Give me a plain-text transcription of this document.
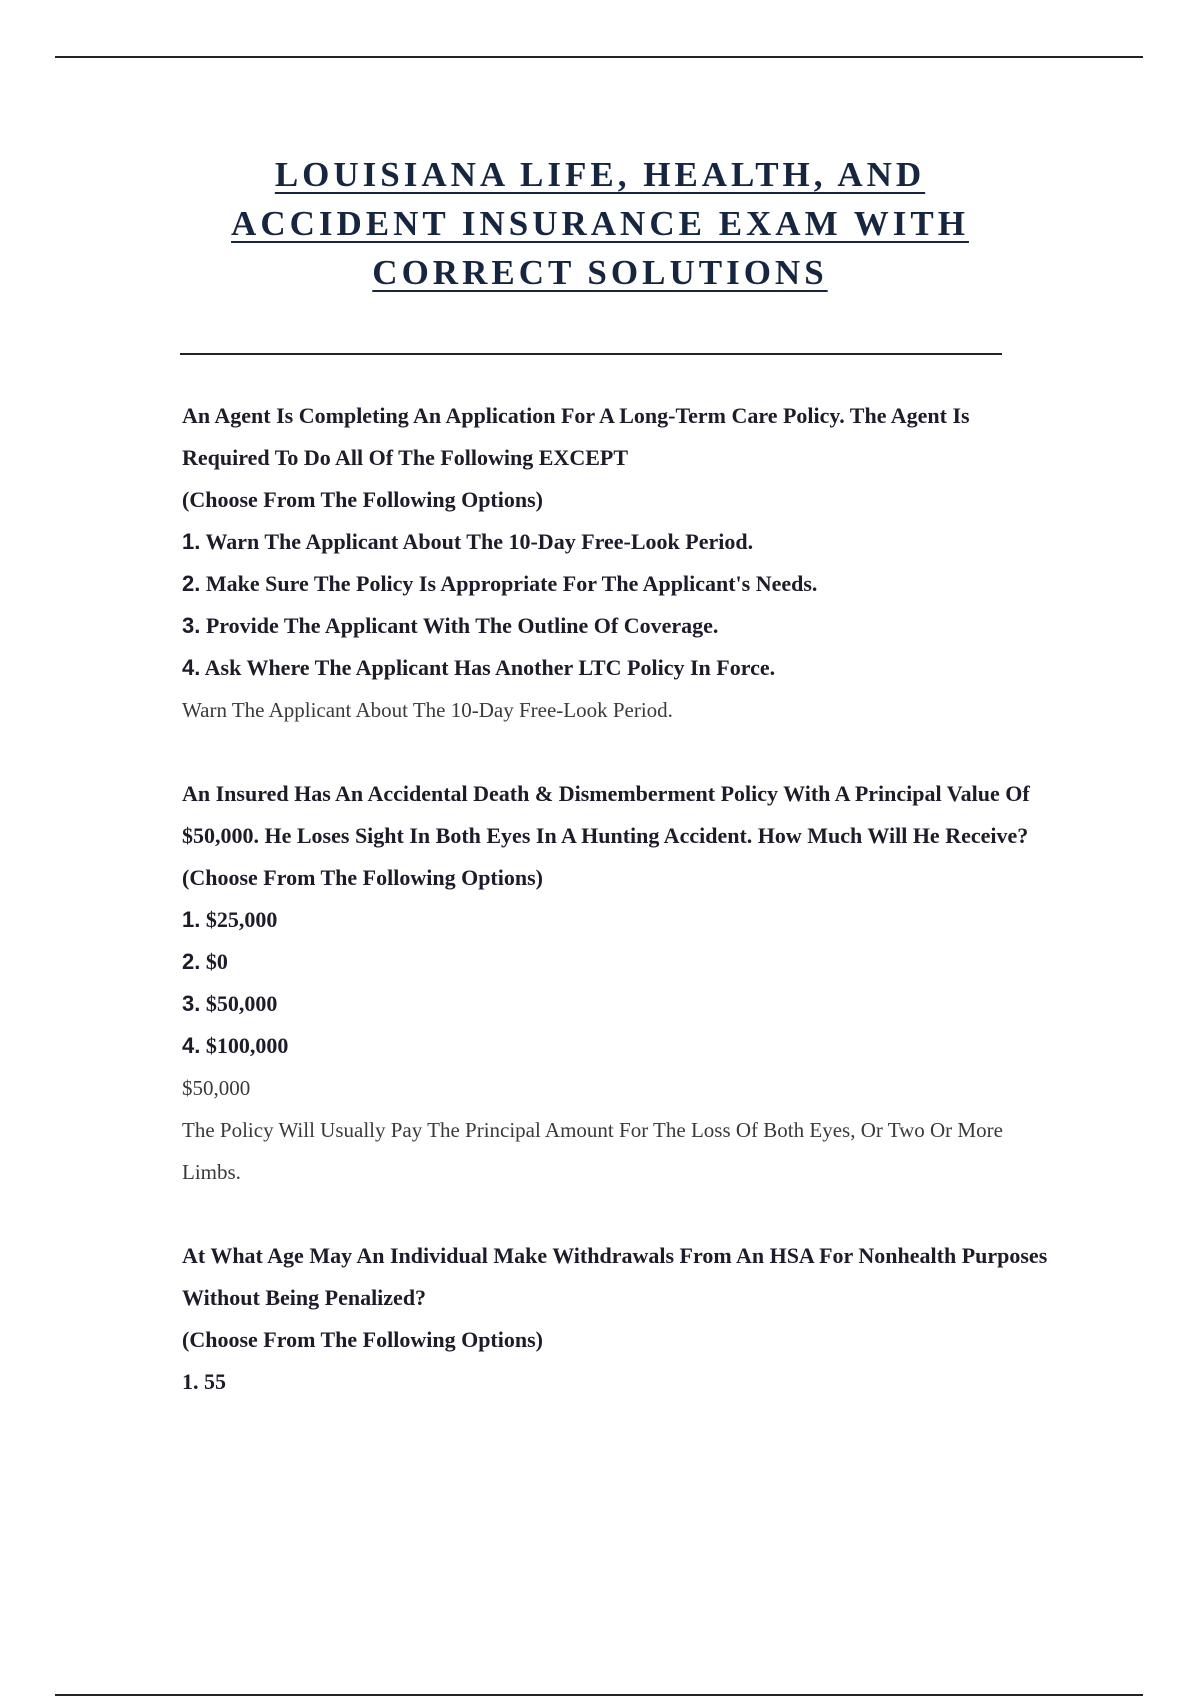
LOUISIANA LIFE, HEALTH, AND
ACCIDENT INSURANCE EXAM WITH
CORRECT SOLUTIONS

An Agent Is Completing An Application For A Long-Term Care Policy. The Agent Is Required To Do All Of The Following EXCEPT

(Choose From The Following Options)

1. Warn The Applicant About The 10-Day Free-Look Period.

2. Make Sure The Policy Is Appropriate For The Applicant's Needs.

3. Provide The Applicant With The Outline Of Coverage.

4. Ask Where The Applicant Has Another LTC Policy In Force.

Warn The Applicant About The 10-Day Free-Look Period.

An Insured Has An Accidental Death & Dismemberment Policy With A Principal Value Of $50,000. He Loses Sight In Both Eyes In A Hunting Accident. How Much Will He Receive?

(Choose From The Following Options)

1. $25,000

2. $0

3. $50,000

4. $100,000

$50,000

The Policy Will Usually Pay The Principal Amount For The Loss Of Both Eyes, Or Two Or More Limbs.

At What Age May An Individual Make Withdrawals From An HSA For Nonhealth Purposes Without Being Penalized?

(Choose From The Following Options)

1. 55
